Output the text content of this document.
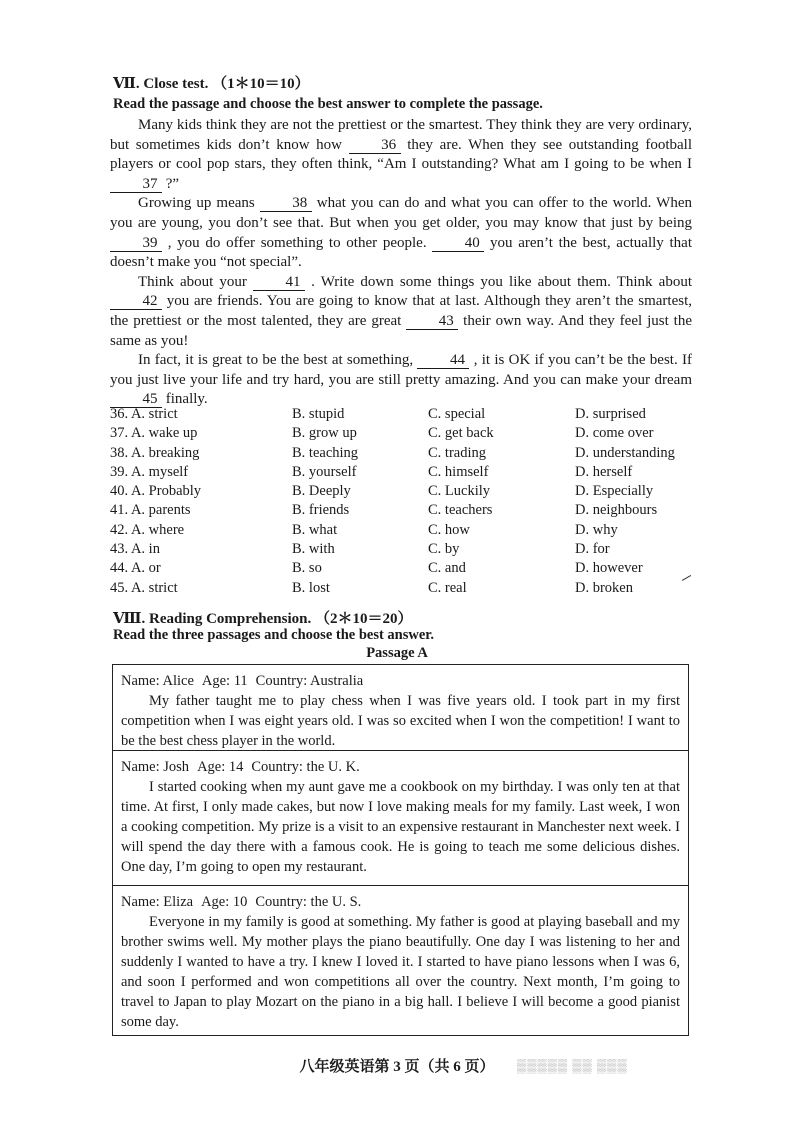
Ⅶ. Close test. （1＊10＝10）
Read the passage and choose the best answer to complete the passage.

Many kids think they are not the prettiest or the smartest. They think they are very ordinary, but sometimes kids don’t know how 36 they are. When they see outstanding football players or cool pop stars, they often think, “Am I outstanding? What am I going to be when I 37 ?”

Growing up means 38 what you can do and what you can offer to the world. When you are young, you don’t see that. But when you get older, you may know that just by being 39 , you do offer something to other people. 40 you aren’t the best, actually that doesn’t make you “not special”.

Think about your 41 . Write down some things you like about them. Think about 42 you are friends. You are going to know that at last. Although they aren’t the smartest, the prettiest or the most talented, they are great 43 their own way. And they feel just the same as you!

In fact, it is great to be the best at something, 44 , it is OK if you can’t be the best. If you just live your life and try hard, you are still pretty amazing. And you can make your dream 45 finally.

36. A. strict	B. stupid	C. special	D. surprised
37. A. wake up	B. grow up	C. get back	D. come over
38. A. breaking	B. teaching	C. trading	D. understanding
39. A. myself	B. yourself	C. himself	D. herself
40. A. Probably	B. Deeply	C. Luckily	D. Especially
41. A. parents	B. friends	C. teachers	D. neighbours
42. A. where	B. what	C. how	D. why
43. A. in	B. with	C. by	D. for
44. A. or	B. so	C. and	D. however
45. A. strict	B. lost	C. real	D. broken
Ⅷ. Reading Comprehension. （2＊10＝20）
Read the three passages and choose the best answer.
Passage A
Name: Alice Age: 11 Country: Australia

My father taught me to play chess when I was five years old. I took part in my first competition when I was eight years old. I was so excited when I won the competition! I want to be the best chess player in the world.

Name: Josh Age: 14 Country: the U. K.

I started cooking when my aunt gave me a cookbook on my birthday. I was only ten at that time. At first, I only made cakes, but now I love making meals for my family. Last week, I won a cooking competition. My prize is a visit to an expensive restaurant in Manchester next week. I will spend the day there with a famous cook. He is going to teach me some delicious dishes. One day, I’m going to open my restaurant.

Name: Eliza Age: 10 Country: the U. S.

Everyone in my family is good at something. My father is good at playing baseball and my brother swims well. My mother plays the piano beautifully. One day I was listening to her and suddenly I wanted to have a try. I knew I loved it. I started to have piano lessons when I was 6, and soon I performed and won competitions all over the country. Next month, I’m going to travel to Japan to play Mozart on the piano in a big hall. I believe I will become a good pianist some day.

八年级英语第 3 页（共 6 页）	▒▒▒▒▒ ▒▒ ▒▒▒
